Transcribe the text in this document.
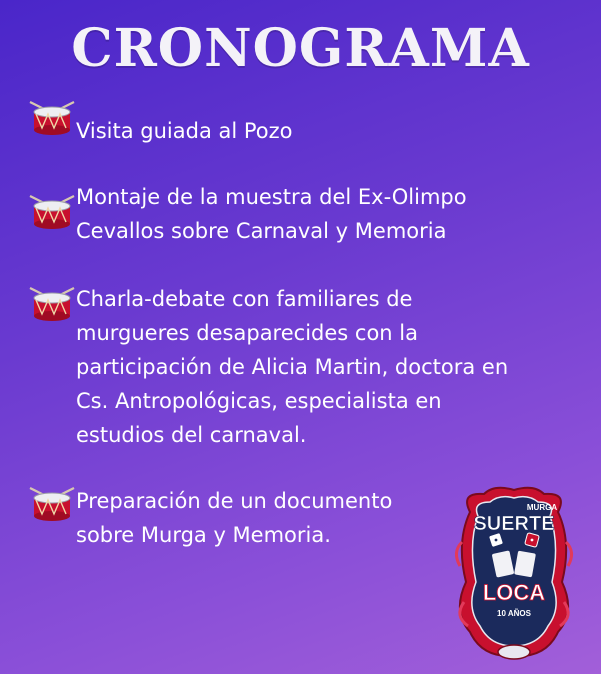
CRONOGRAMA

Visita guiada al Pozo

Montaje de la muestra del Ex-Olimpo

Cevallos sobre Carnaval y Memoria

Charla-debate con familiares de

murgueres desaparecides con la

participación de Alicia Martin, doctora en

Cs. Antropológicas, especialista en

estudios del carnaval.

Preparación de un documento

sobre Murga y Memoria.

MURGA
SUERTE
LOCA
10 AÑOS
